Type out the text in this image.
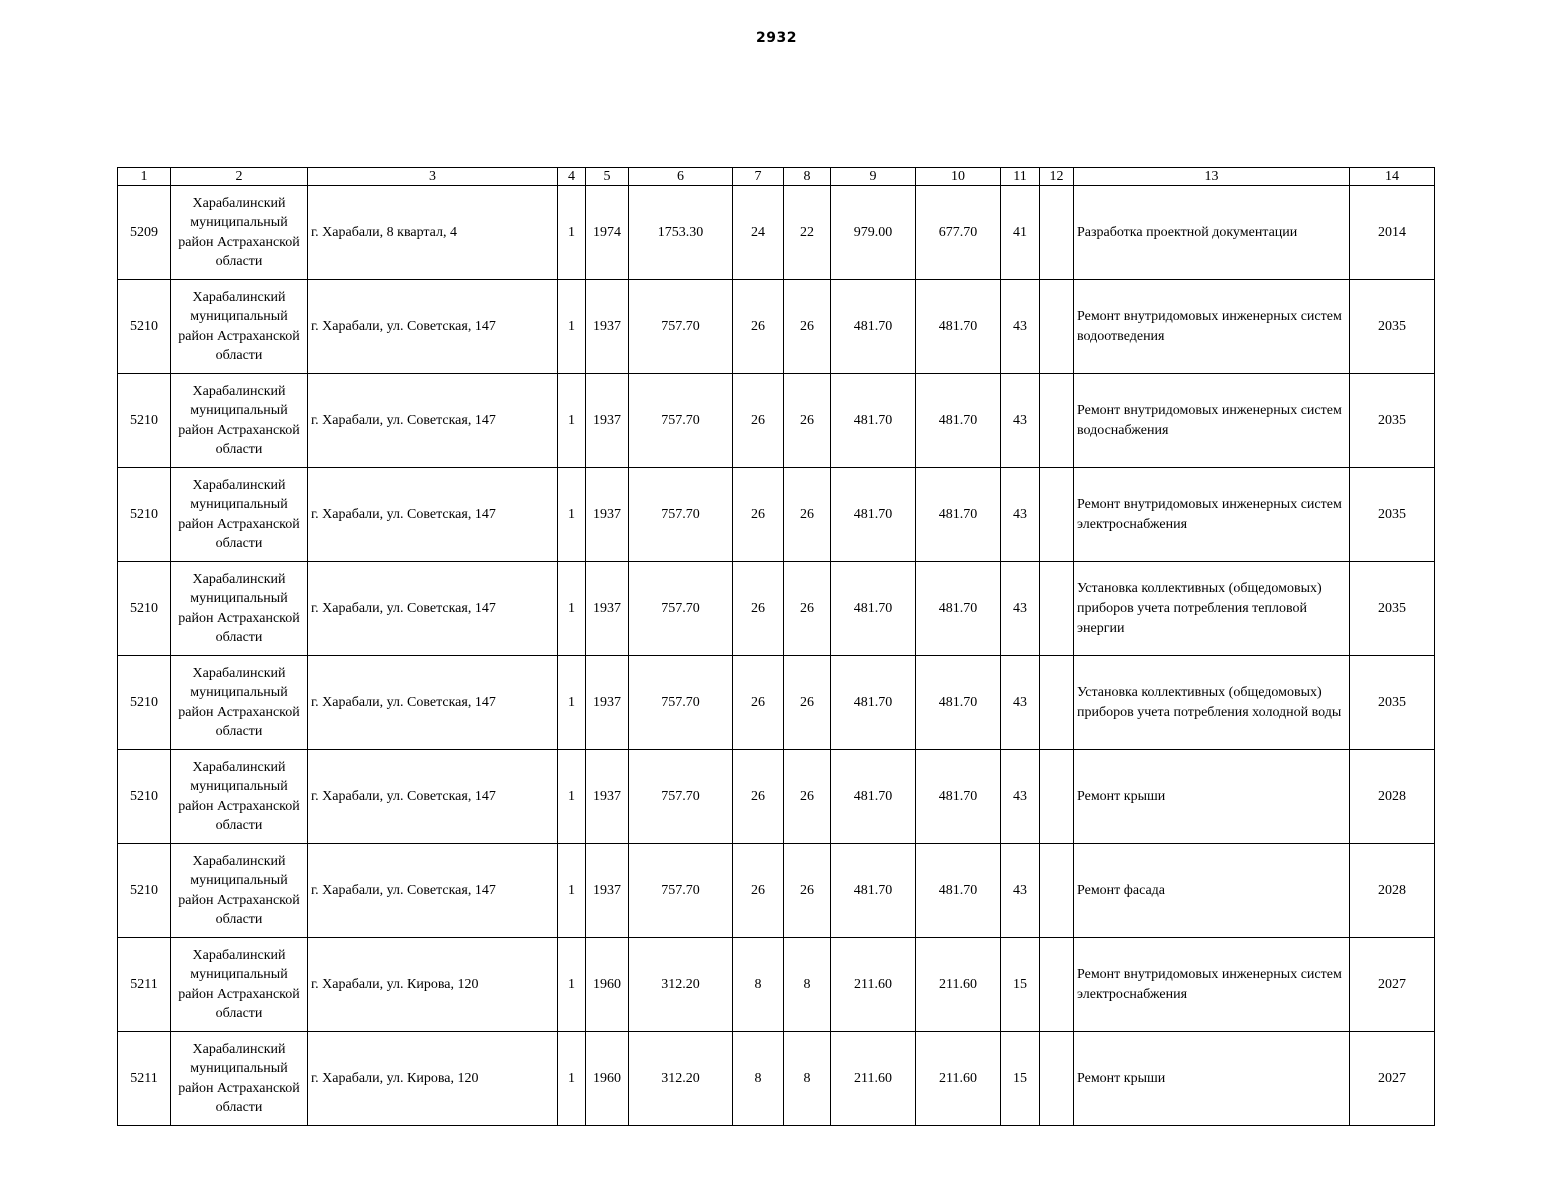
2932
1	2	3	4	5	6	7	8	9	10	11	12	13	14
5209	Харабалинский муниципальный район Астраханской области	г. Харабали, 8 квартал, 4	1	1974	1753.30	24	22	979.00	677.70	41		Разработка проектной документации	2014
5210	Харабалинский муниципальный район Астраханской области	г. Харабали, ул. Советская, 147	1	1937	757.70	26	26	481.70	481.70	43		Ремонт внутридомовых инженерных систем водоотведения	2035
5210	Харабалинский муниципальный район Астраханской области	г. Харабали, ул. Советская, 147	1	1937	757.70	26	26	481.70	481.70	43		Ремонт внутридомовых инженерных систем водоснабжения	2035
5210	Харабалинский муниципальный район Астраханской области	г. Харабали, ул. Советская, 147	1	1937	757.70	26	26	481.70	481.70	43		Ремонт внутридомовых инженерных систем электроснабжения	2035
5210	Харабалинский муниципальный район Астраханской области	г. Харабали, ул. Советская, 147	1	1937	757.70	26	26	481.70	481.70	43		Установка коллективных (общедомовых) приборов учета потребления тепловой энергии	2035
5210	Харабалинский муниципальный район Астраханской области	г. Харабали, ул. Советская, 147	1	1937	757.70	26	26	481.70	481.70	43		Установка коллективных (общедомовых) приборов учета потребления холодной воды	2035
5210	Харабалинский муниципальный район Астраханской области	г. Харабали, ул. Советская, 147	1	1937	757.70	26	26	481.70	481.70	43		Ремонт крыши	2028
5210	Харабалинский муниципальный район Астраханской области	г. Харабали, ул. Советская, 147	1	1937	757.70	26	26	481.70	481.70	43		Ремонт фасада	2028
5211	Харабалинский муниципальный район Астраханской области	г. Харабали, ул. Кирова, 120	1	1960	312.20	8	8	211.60	211.60	15		Ремонт внутридомовых инженерных систем электроснабжения	2027
5211	Харабалинский муниципальный район Астраханской области	г. Харабали, ул. Кирова, 120	1	1960	312.20	8	8	211.60	211.60	15		Ремонт крыши	2027
